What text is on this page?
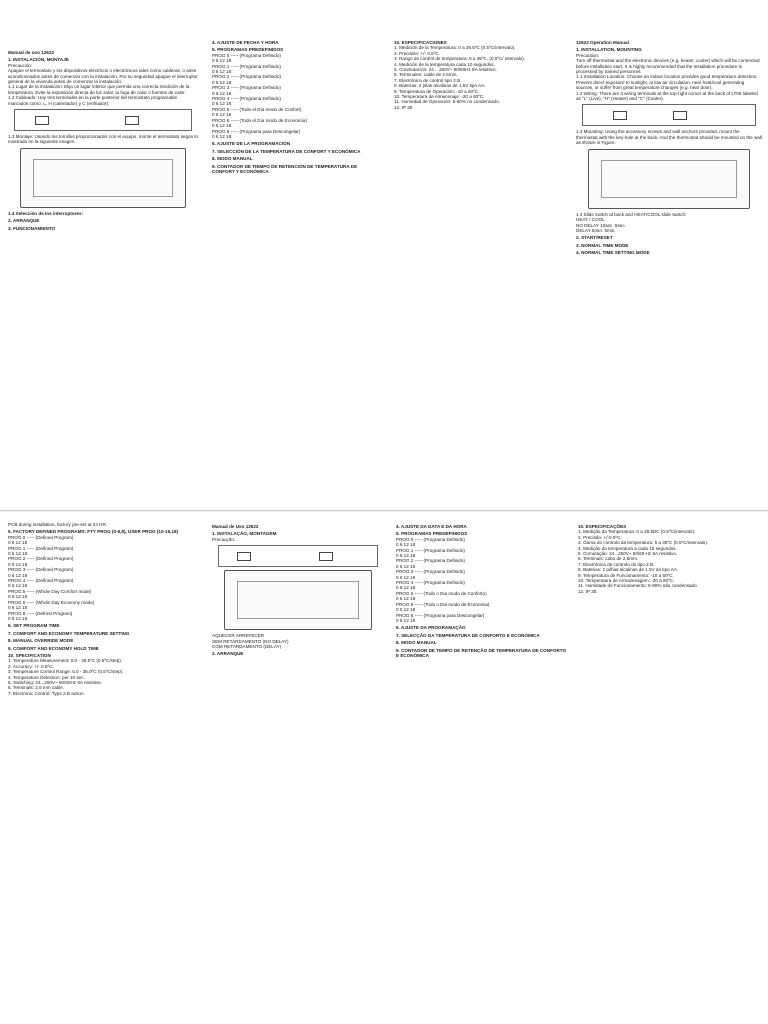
Manual de uso 12622
1. INSTALACIÓN, MONTAJE
Precaución:
Apague el termostato y los dispositivos eléctricos o electrónicos tales como calderas, o aires acondicionados antes de comenzar con la instalación. Por su seguridad apague el interruptor general de la vivienda antes de comenzar la instalación.
1.1 Lugar de la instalación: Elija un lugar interior que permita una correcta medición de la temperatura. Evite la exposición directa de luz solar, la fuga de calor o fuentes de calor.
1.2 Cableado: Hay tres terminales en la parte posterior del termostato programable marcados como: L, H (calentador) y C (enfriador).
1.3 Montaje: Usando los tornillos proporcionados con el equipo, monte el termostato según lo mostrado en la siguiente imagen.
1.4 Selección de los interruptores:
2. ARRANQUE
3. FUNCIONAMIENTO
4. AJUSTE DE FECHA Y HORA
5. PROGRAMAS PREDEFINIDOS
PROG 0 ----- (Programa Definido)
0 6 12 18
PROG 1 ----- (Programa Definido)
0 6 12 18
PROG 2 ----- (Programa Definido)
0 6 12 18
PROG 3 ----- (Programa Definido)
0 6 12 18
PROG 4 ----- (Programa Definido)
0 6 12 18
PROG 5 ----- (Todo el Día modo de Confort)
0 6 12 18
PROG 6 ----- (Todo el Día modo de Economía)
0 6 12 18
PROG 8 ----- (Programa para Descongelar)
0 6 12 18
6. AJUSTE DE LA PROGRAMACIÓN
7. SELECCIÓN DE LA TEMPERATURA DE CONFORT Y ECONÓMICA
8. MODO MANUAL
9. CONTADOR DE TIEMPO DE RETENCIÓN DE TEMPERATURA DE CONFORT Y ECONÓMICA
10. ESPECIFICACIONES
1. Medición de la Temperatura: 0 a 39.5ºC (0.5ºC/intervalo).
2. Precisión: +/- 0.5ºC.
3. Rango de control de temperatura: 5 a 35ºC. (0.5ºC/ intervalo).
4. Medición de la temperatura cada 10 segundos.
5. Conmutación: 24... 250V~ 50/60Hz 8A resistivo.
6. Terminales: cable de 2.5mm.
7. Electrónica de control tipo 2.B.
8. Baterías: 2 pilas alcalinas de 1.5V tipo AA.
9. Temperatura de Operación: -10 a 50ºC.
10. Temperatura de Almacenaje: -20 a 60ºC.
11. Humedad de Operación: 5-90% no condensado.
12. IP 30.
12622 Operation Manual
1. INSTALLATION, MOUNTING
Precaution:
Turn off thermostat and the electronic devices (e.g. heater, cooler) which will be connected before installation start. It is highly recommended that the installation procedure is processed by trained personnel:
1.1 Installation Location: Choose an indoor location provides good temperature detection. Prevent direct exposure to sunlight, at low air circulation, near heat/cool generating sources, or suffer from great temperature changes (e.g. near door).
1.2 Wiring: There are 3 wiring terminals at the top-right corner at the back of LT08 labeled as "L" (Live), "H" (Heater) and "C" (Cooler).
1.3 Mounting: Using the accessory screws and wall anchors provided, mount the thermostat with the key-hole at the back. And the thermostat should be mounted on the wall as shown in Figure.
1.4 Slide switch at back and HEAT/COOL slide switch:
HEAT / COOL
NO DELAY 10sec. 5sec.
DELAY 5min. 5min.
2. START/RESET
3. NORMAL TIME MODE
4. NORMAL TIME SETTING MODE
PCB during installation, factory pre-set at 24 HR.
5. FACTORY DEFINED PROGRAMS: FTY PROG (0-6,8), USER PROG (10-16,18)
PROG 0 ----- (Defined Program)
0 6 12 18
PROG 1 ----- (Defined Program)
0 6 12 18
PROG 2 ----- (Defined Program)
0 6 12 18
PROG 3 ----- (Defined Program)
0 6 12 18
PROG 4 ----- (Defined Program)
0 6 12 18
PROG 5 ----- (Whole Day Comfort mode)
0 6 12 18
PROG 6 ----- (Whole Day Economy mode)
0 6 12 18
PROG 8 ----- (Defrost Program)
0 6 12 18
6. SET PROGRAM TIME
7. COMFORT AND ECONOMY TEMPERATURE SETTING
8. MANUAL OVERRIDE MODE
9. COMFORT AND ECONOMY HOLD TIME
10. SPECIFICATION
1. Temperature Measurement: 0.0 - 39.5ºC (0.5ºC/step).
2. Accuracy: +/- 0.5ºC.
3. Temperature Control Range: 5.0 - 35.0ºC (0.5ºC/step).
4. Temperature Detection: per 10 sec.
5. Switching: 24...250V~ 50/60Hz 8A resistive.
6. Terminals: 2.5 mm cable.
7. Electronic Control: Type 2.B action.
Manual de Uso 12622
1. INSTALAÇÃO, MONTAGEM
Precaução:
AQUECER ARREFECER
SEM RETARDAMENTO (NO DELAY)
COM RETARDAMENTO (DELAY)
2. ARRANQUE
4. AJUSTE DA DATA E DA HORA
5. PROGRAMAS PREDEFINIDOS
PROG 0 ----- (Programa Definido)
0 6 12 18
PROG 1 ----- (Programa Definido)
0 6 12 18
PROG 2 ----- (Programa Definido)
0 6 12 18
PROG 3 ----- (Programa Definido)
0 6 12 18
PROG 4 ----- (Programa Definido)
0 6 12 18
PROG 5 ----- (Todo o Dia modo de Conforto)
0 6 12 18
PROG 6 ----- (Todo o Dia modo de Economia)
0 6 12 18
PROG 8 ----- (Programa para Descongelar)
0 6 12 18
6. AJUSTE DA PROGRAMAÇÃO
7. SELECÇÃO DA TEMPERATURA DE CONFORTO E ECONÓMICA
8. MODO MANUAL
9. CONTADOR DE TEMPO DE RETENÇÃO DE TEMPERATURA DE CONFORTO E ECONÓMICA
10. ESPECIFICAÇÕES
1. Medição da Temperatura: 0 a 39.5DC (0.5ºC/intervalo).
2. Precisão: +/-0.5ºC.
3. Gama do controlo da temperatura: 5 a 35ºC (0.5ºC/intervalo).
4. Medição da temperatura a cada 10 segundos.
5. Comutação: 24...250V~ 50/60 Hz 8A resistivo.
6. Terminais: cabo de 2.5mm.
7. Electrónica de controlo do tipo 2.B.
8. Baterias: 2 pilhas alcalinas de 1.5V do tipo AA.
9. Temperatura de Funcionamento: -10 a 50ºC.
10. Temperatura de Armazenagem: -20 a 60ºC.
11. Humidade de Funcionamento: 5-90% não condensado.
12. IP 30.
